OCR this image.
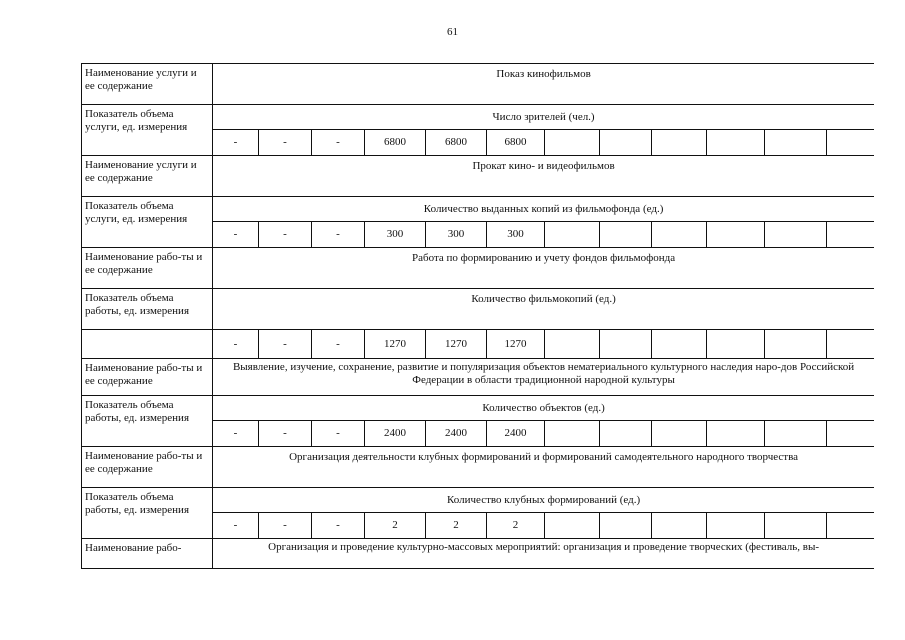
61
Наименование услуги и ее содержание	Показ кинофильмов											
Показатель объема услуги, ед. измерения	Число зрителей (чел.)											
	-	-	-	6800	6800	6800						
Наименование услуги и ее содержание	Прокат кино- и видеофильмов											
Показатель объема услуги, ед. измерения	Количество выданных копий из фильмофонда (ед.)											
	-	-	-	300	300	300						
Наименование рабо-ты и ее содержание	Работа по формированию и учету фондов фильмофонда											
Показатель объема работы, ед. измерения	Количество фильмокопий (ед.)											
	-	-	-	1270	1270	1270						
Наименование рабо-ты и ее содержание	Выявление, изучение, сохранение, развитие и популяризация объектов нематериального культурного наследия наро-дов Российской Федерации в области традиционной народной культуры											
Показатель объема работы, ед. измерения	Количество объектов (ед.)											
	-	-	-	2400	2400	2400						
Наименование рабо-ты и ее содержание	Организация деятельности клубных формирований и формирований самодеятельного народного творчества											
Показатель объема работы, ед. измерения	Количество клубных формирований (ед.)											
	-	-	-	2	2	2						
Наименование рабо-	Организация и проведение культурно-массовых мероприятий: организация и проведение творческих (фестиваль, вы-											
